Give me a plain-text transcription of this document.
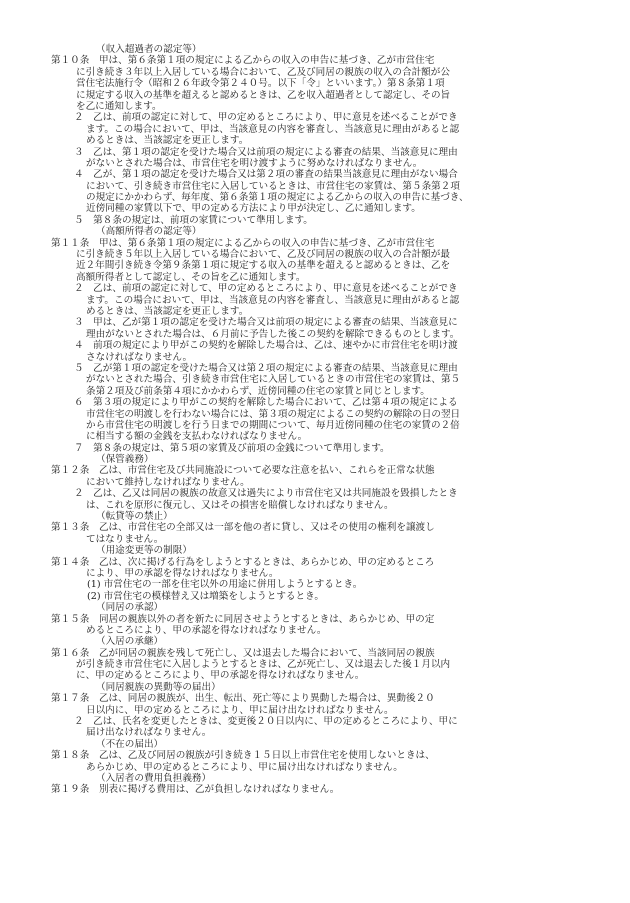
（収入超過者の認定等）
第１０条　甲は、第６条第１項の規定による乙からの収入の申告に基づき、乙が市営住宅
に引き続き３年以上入居している場合において、乙及び同居の親族の収入の合計額が公
営住宅法施行令（昭和２６年政令第２４０号。以下「令」といいます。）第８条第１項
に規定する収入の基準を超えると認めるときは、乙を収入超過者として認定し、その旨
を乙に通知します。
２　乙は、前項の認定に対して、甲の定めるところにより、甲に意見を述べることができ
ます。この場合において、甲は、当該意見の内容を審査し、当該意見に理由があると認
めるときは、当該認定を更正します。
３　乙は、第１項の認定を受けた場合又は前項の規定による審査の結果、当該意見に理由
がないとされた場合は、市営住宅を明け渡すように努めなければなりません。
４　乙が、第１項の認定を受けた場合又は第２項の審査の結果当該意見に理由がない場合
において、引き続き市営住宅に入居しているときは、市営住宅の家賃は、第５条第２項
の規定にかかわらず、毎年度、第６条第１項の規定による乙からの収入の申告に基づき、
近傍同種の家賃以下で、甲の定める方法により甲が決定し、乙に通知します。
５　第８条の規定は、前項の家賃について準用します。
（高額所得者の認定等）
第１１条　甲は、第６条第１項の規定による乙からの収入の申告に基づき、乙が市営住宅
に引き続き５年以上入居している場合において、乙及び同居の親族の収入の合計額が最
近２年間引き続き令第９条第１項に規定する収入の基準を超えると認めるときは、乙を
高額所得者として認定し、その旨を乙に通知します。
２　乙は、前項の認定に対して、甲の定めるところにより、甲に意見を述べることができ
ます。この場合において、甲は、当該意見の内容を審査し、当該意見に理由があると認
めるときは、当該認定を更正します。
３　甲は、乙が第１項の認定を受けた場合又は前項の規定による審査の結果、当該意見に
理由がないとされた場合は、６月前に予告した後この契約を解除できるものとします。
４　前項の規定により甲がこの契約を解除した場合は、乙は、速やかに市営住宅を明け渡
さなければなりません。
５　乙が第１項の認定を受けた場合又は第２項の規定による審査の結果、当該意見に理由
がないとされた場合、引き続き市営住宅に入居しているときの市営住宅の家賃は、第５
条第２項及び前条第４項にかかわらず、近傍同種の住宅の家賃と同じとします。
６　第３項の規定により甲がこの契約を解除した場合において、乙は第４項の規定による
市営住宅の明渡しを行わない場合には、第３項の規定によるこの契約の解除の日の翌日
から市営住宅の明渡しを行う日までの期間について、毎月近傍同種の住宅の家賃の２倍
に相当する額の金銭を支払わなければなりません。
７　第８条の規定は、第５項の家賃及び前項の金銭について準用します。
（保管義務）
第１２条　乙は、市営住宅及び共同施設について必要な注意を払い、これらを正常な状態
において維持しなければなりません。
２　乙は、乙又は同居の親族の故意又は過失により市営住宅又は共同施設を毀損したとき
は、これを原形に復元し、又はその損害を賠償しなければなりません。
（転貸等の禁止）
第１３条　乙は、市営住宅の全部又は一部を他の者に貸し、又はその使用の権利を譲渡し
てはなりません。
（用途変更等の制限）
第１４条　乙は、次に掲げる行為をしようとするときは、あらかじめ、甲の定めるところ
により、甲の承認を得なければなりません。
(1) 市営住宅の一部を住宅以外の用途に併用しようとするとき。
(2) 市営住宅の模様替え又は増築をしようとするとき。
（同居の承認）
第１５条　同居の親族以外の者を新たに同居させようとするときは、あらかじめ、甲の定
めるところにより、甲の承認を得なければなりません。
（入居の承継）
第１６条　乙が同居の親族を残して死亡し、又は退去した場合において、当該同居の親族
が引き続き市営住宅に入居しようとするときは、乙が死亡し、又は退去した後１月以内
に、甲の定めるところにより、甲の承認を得なければなりません。
（同居親族の異動等の届出）
第１７条　乙は、同居の親族が、出生、転出、死亡等により異動した場合は、異動後２０
日以内に、甲の定めるところにより、甲に届け出なければなりません。
２　乙は、氏名を変更したときは、変更後２０日以内に、甲の定めるところにより、甲に
届け出なければなりません。
（不在の届出）
第１８条　乙は、乙及び同居の親族が引き続き１５日以上市営住宅を使用しないときは、
あらかじめ、甲の定めるところにより、甲に届け出なければなりません。
（入居者の費用負担義務）
第１９条　別表に掲げる費用は、乙が負担しなければなりません。
